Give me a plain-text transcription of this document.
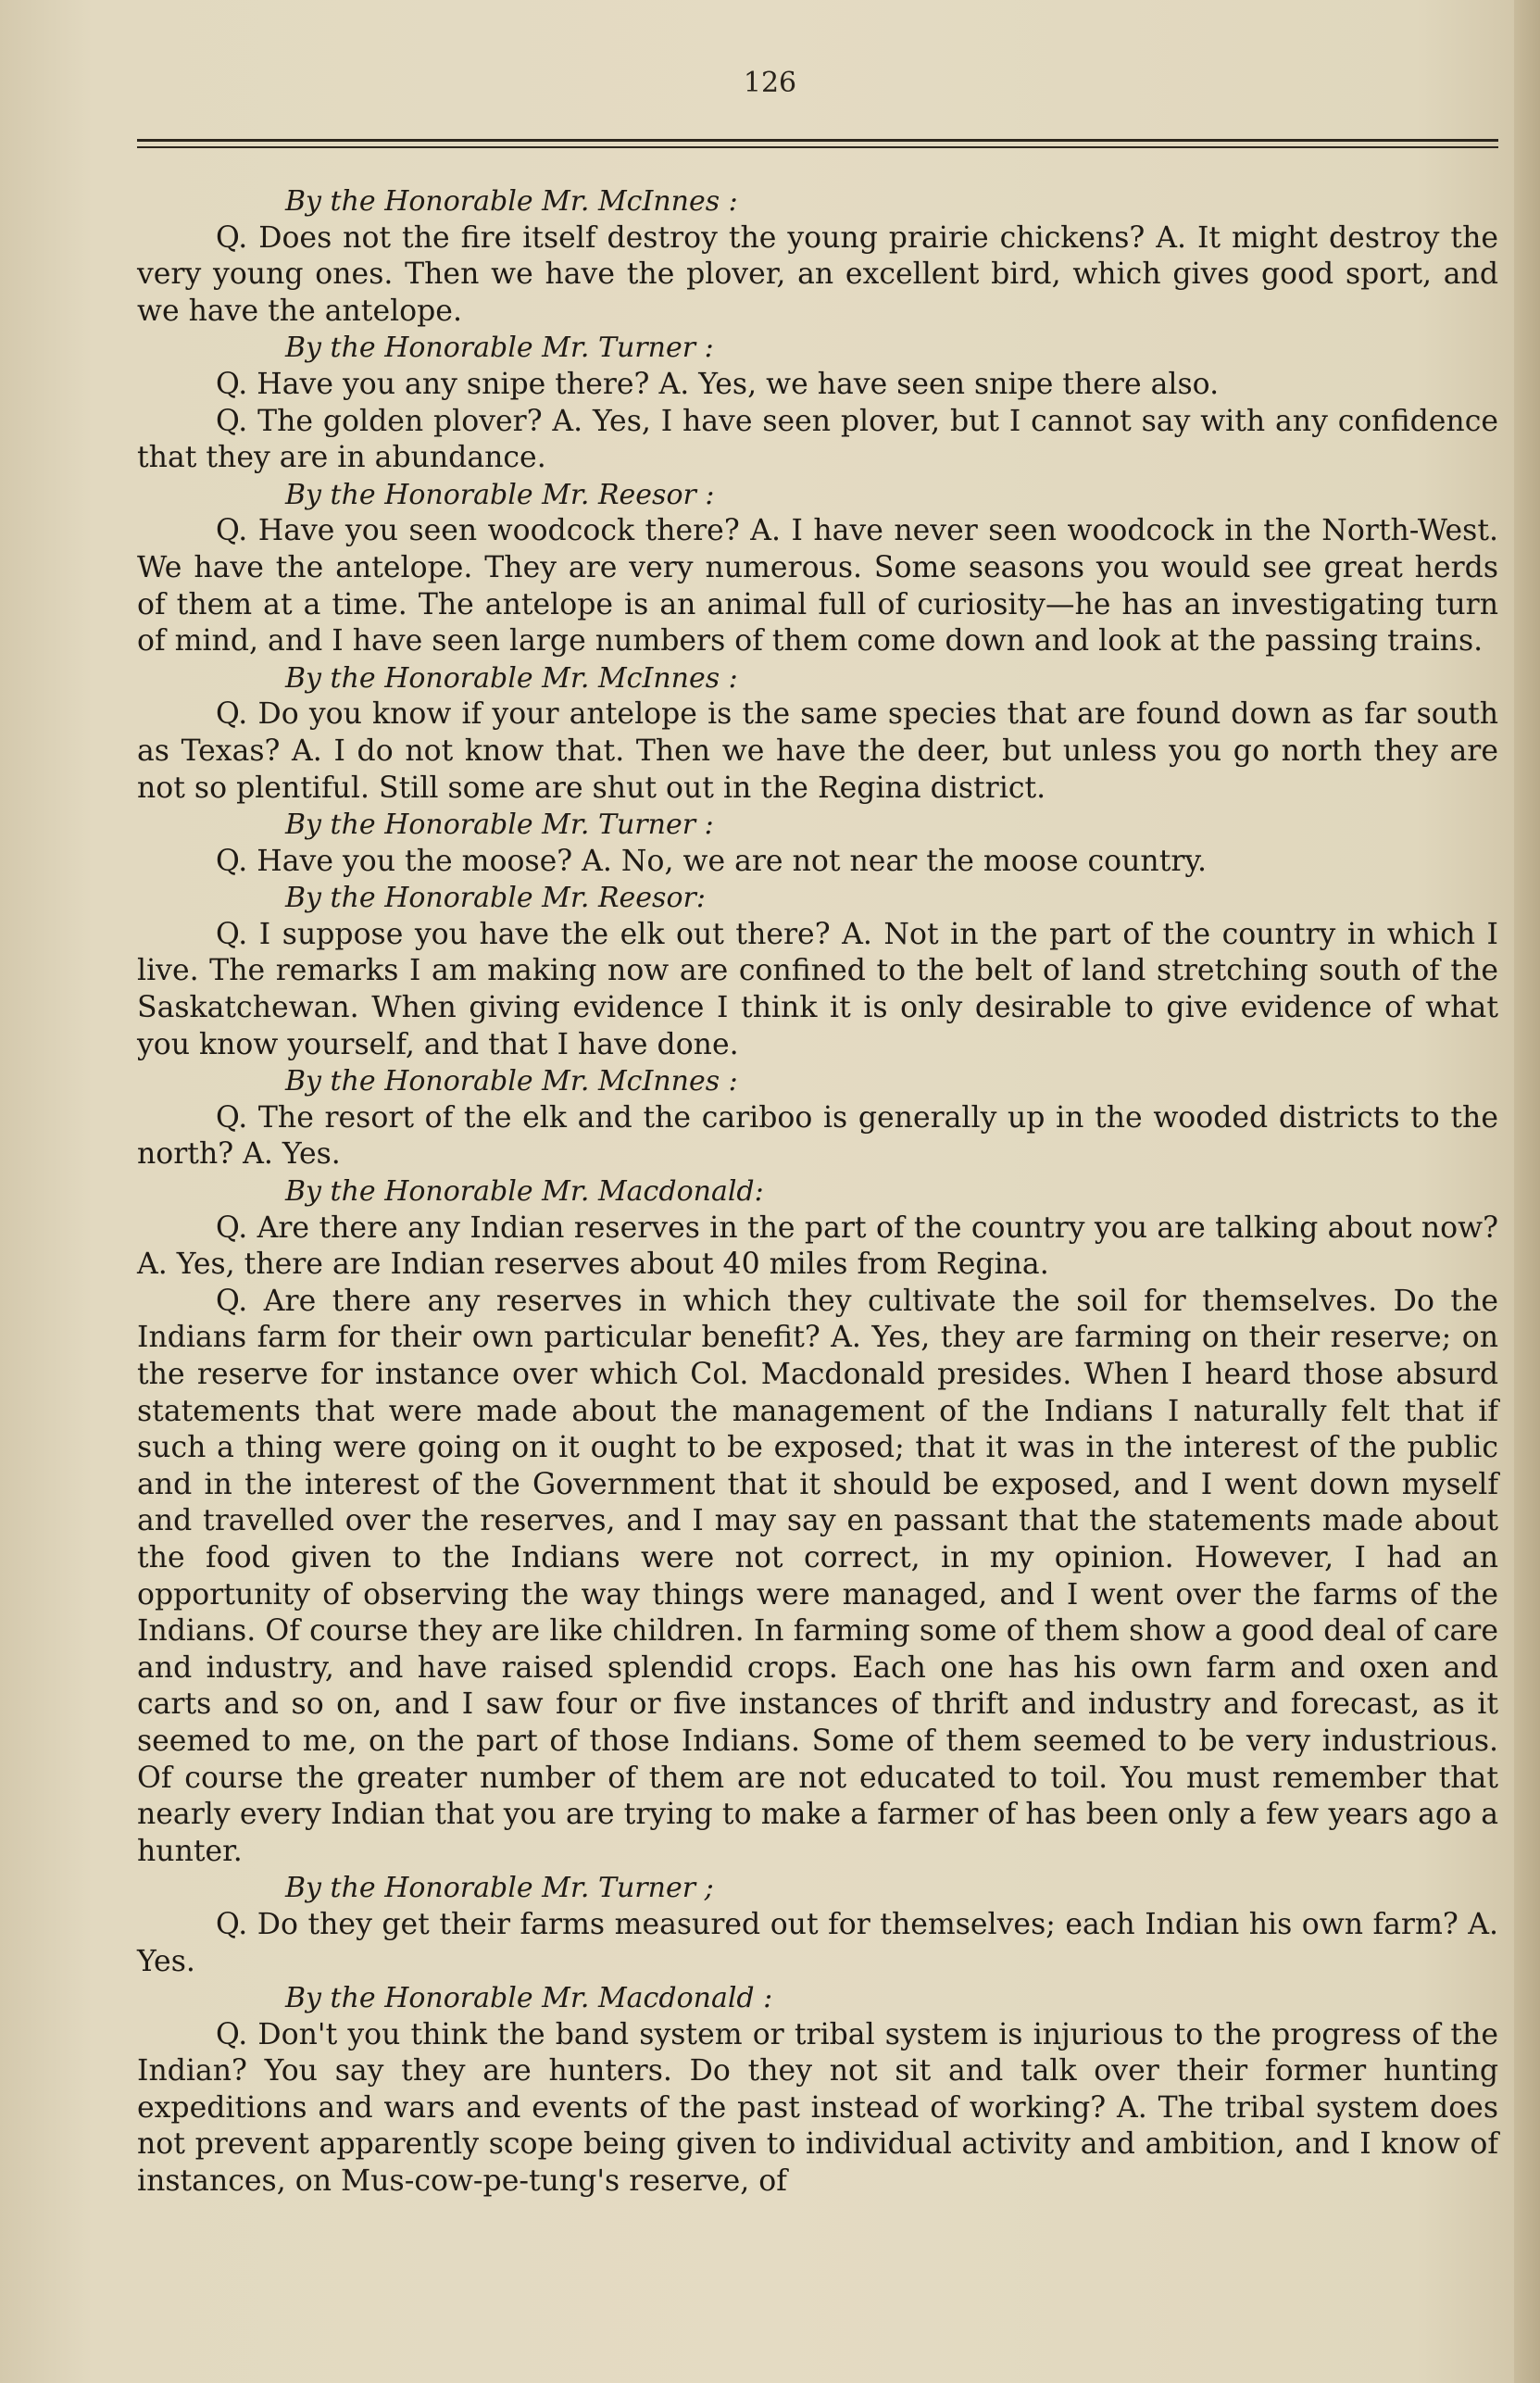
126

By the Honorable Mr. McInnes :

Q. Does not the fire itself destroy the young prairie chickens? A. It might destroy the very young ones. Then we have the plover, an excellent bird, which gives good sport, and we have the antelope.

By the Honorable Mr. Turner :

Q. Have you any snipe there? A. Yes, we have seen snipe there also.

Q. The golden plover? A. Yes, I have seen plover, but I cannot say with any confidence that they are in abundance.

By the Honorable Mr. Reesor :

Q. Have you seen woodcock there? A. I have never seen woodcock in the North-West. We have the antelope. They are very numerous. Some seasons you would see great herds of them at a time. The antelope is an animal full of curiosity—he has an investigating turn of mind, and I have seen large numbers of them come down and look at the passing trains.

By the Honorable Mr. McInnes :

Q. Do you know if your antelope is the same species that are found down as far south as Texas? A. I do not know that. Then we have the deer, but unless you go north they are not so plentiful. Still some are shut out in the Regina district.

By the Honorable Mr. Turner :

Q. Have you the moose? A. No, we are not near the moose country.

By the Honorable Mr. Reesor:

Q. I suppose you have the elk out there? A. Not in the part of the country in which I live. The remarks I am making now are confined to the belt of land stretching south of the Saskatchewan. When giving evidence I think it is only desirable to give evidence of what you know yourself, and that I have done.

By the Honorable Mr. McInnes :

Q. The resort of the elk and the cariboo is generally up in the wooded districts to the north? A. Yes.

By the Honorable Mr. Macdonald:

Q. Are there any Indian reserves in the part of the country you are talking about now? A. Yes, there are Indian reserves about 40 miles from Regina.

Q. Are there any reserves in which they cultivate the soil for themselves. Do the Indians farm for their own particular benefit? A. Yes, they are farming on their reserve; on the reserve for instance over which Col. Macdonald presides. When I heard those absurd statements that were made about the management of the Indians I naturally felt that if such a thing were going on it ought to be exposed; that it was in the interest of the public and in the interest of the Government that it should be exposed, and I went down myself and travelled over the reserves, and I may say en passant that the statements made about the food given to the Indians were not correct, in my opinion. However, I had an opportunity of observing the way things were managed, and I went over the farms of the Indians. Of course they are like children. In farming some of them show a good deal of care and industry, and have raised splendid crops. Each one has his own farm and oxen and carts and so on, and I saw four or five instances of thrift and industry and forecast, as it seemed to me, on the part of those Indians. Some of them seemed to be very industrious. Of course the greater number of them are not educated to toil. You must remember that nearly every Indian that you are trying to make a farmer of has been only a few years ago a hunter.

By the Honorable Mr. Turner ;

Q. Do they get their farms measured out for themselves; each Indian his own farm? A. Yes.

By the Honorable Mr. Macdonald :

Q. Don't you think the band system or tribal system is injurious to the progress of the Indian? You say they are hunters. Do they not sit and talk over their former hunting expeditions and wars and events of the past instead of working? A. The tribal system does not prevent apparently scope being given to individual activity and ambition, and I know of instances, on Mus-cow-pe-tung's reserve, of
